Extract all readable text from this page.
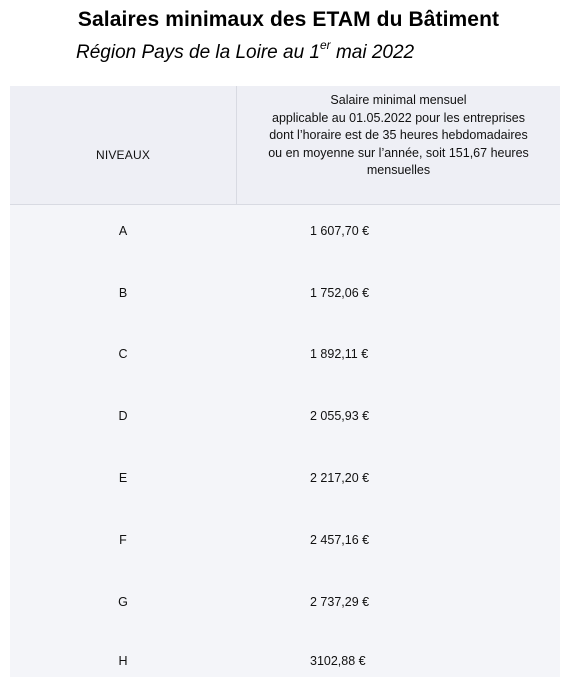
Salaires minimaux des ETAM du Bâtiment

Région Pays de la Loire au 1er mai 2022

NIVEAUX
Salaire minimal mensuel
applicable au 01.05.2022 pour les entreprises
dont l’horaire est de 35 heures hebdomadaires
ou en moyenne sur l’année, soit 151,67 heures
mensuelles
A	1 607,70 €
B	1 752,06 €
C	1 892,11 €
D	2 055,93 €
E	2 217,20 €
F	2 457,16 €
G	2 737,29 €
H	3102,88 €
